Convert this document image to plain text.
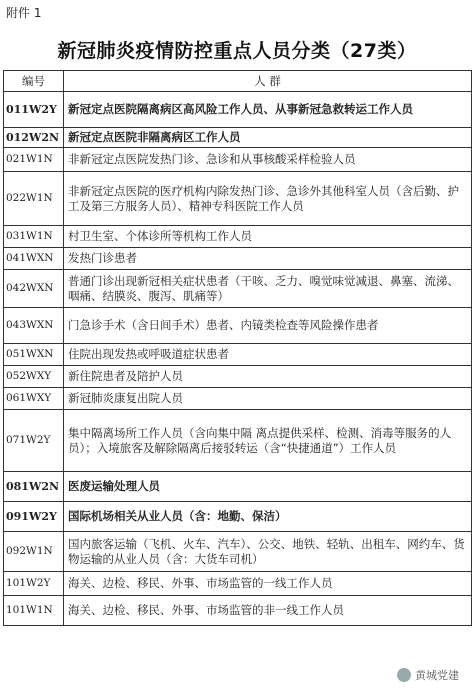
附件 1
新冠肺炎疫情防控重点人员分类（27类）
编号	人 群
011W2Y	新冠定点医院隔离病区高风险工作人员、从事新冠急救转运工作人员
012W2N	新冠定点医院非隔离病区工作人员
021W1N	非新冠定点医院发热门诊、急诊和从事核酸采样检验人员
022W1N	非新冠定点医院的医疗机构内除发热门诊、急诊外其他科室人员（含后勤、护工及第三方服务人员）、精神专科医院工作人员
031W1N	村卫生室、个体诊所等机构工作人员
041WXN	发热门诊患者
042WXN	普通门诊出现新冠相关症状患者（干咳、乏力、嗅觉味觉减退、鼻塞、流涕、咽痛、结膜炎、腹泻、肌痛等）
043WXN	门急诊手术（含日间手术）患者、内镜类检查等风险操作患者
051WXN	住院出现发热或呼吸道症状患者
052WXY	新住院患者及陪护人员
061WXY	新冠肺炎康复出院人员
071W2Y	集中隔离场所工作人员（含向集中隔 离点提供采样、检测、消毒等服务的人员）；入境旅客及解除隔离后接驳转运（含“快捷通道”）工作人员
081W2N	医废运输处理人员
091W2Y	国际机场相关从业人员（含：地勤、保洁）
092W1N	国内旅客运输（飞机、火车、汽车）、公交、地铁、轻轨、出租车、网约车、货物运输的从业人员（含：大货车司机）
101W2Y	海关、边检、移民、外事、市场监管的一线工作人员
101W1N	海关、边检、移民、外事、市场监管的非一线工作人员
黄城党建
